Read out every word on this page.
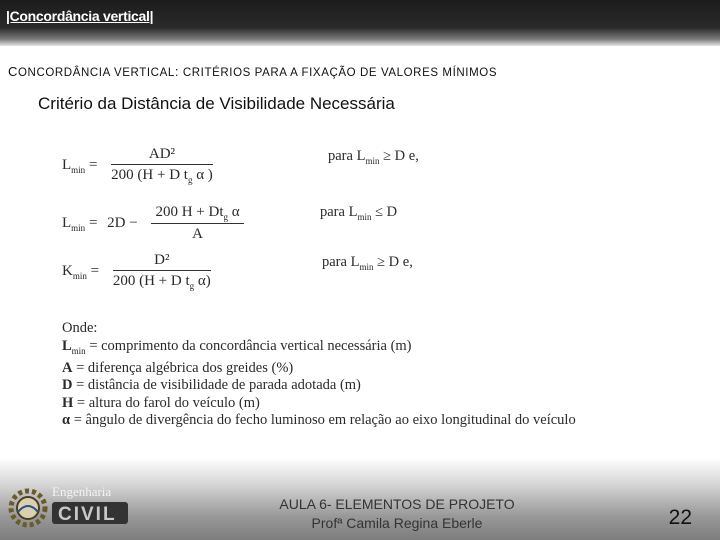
|Concordância vertical|
CONCORDÂNCIA VERTICAL: CRITÉRIOS PARA A FIXAÇÃO DE VALORES MÍNIMOS
Critério da Distância de Visibilidade Necessária
$L_{min} = \frac{\text{AD²}}{200 (H + D t_g \alpha )}$	para $L_{min} \ge D$ e,
$L_{min} = 2D - \frac{200 H + Dt_g \alpha}{A}$	para $L_{min} \le D$
$K_{min} = \frac{\text{D²}}{200 (H + D t_g \alpha)}$	para $L_{min} \ge D$ e,
Onde:
$L_{min}$ = comprimento da concordância vertical necessária (m)
A = diferença algébrica dos greides (%)
D = distância de visibilidade de parada adotada (m)
H = altura do farol do veículo (m)
α = ângulo de divergência do fecho luminoso em relação ao eixo longitudinal do veículo
Engenharia
CIVIL	AULA 6- ELEMENTOS DE PROJETO
Profª Camila Regina Eberle	22
